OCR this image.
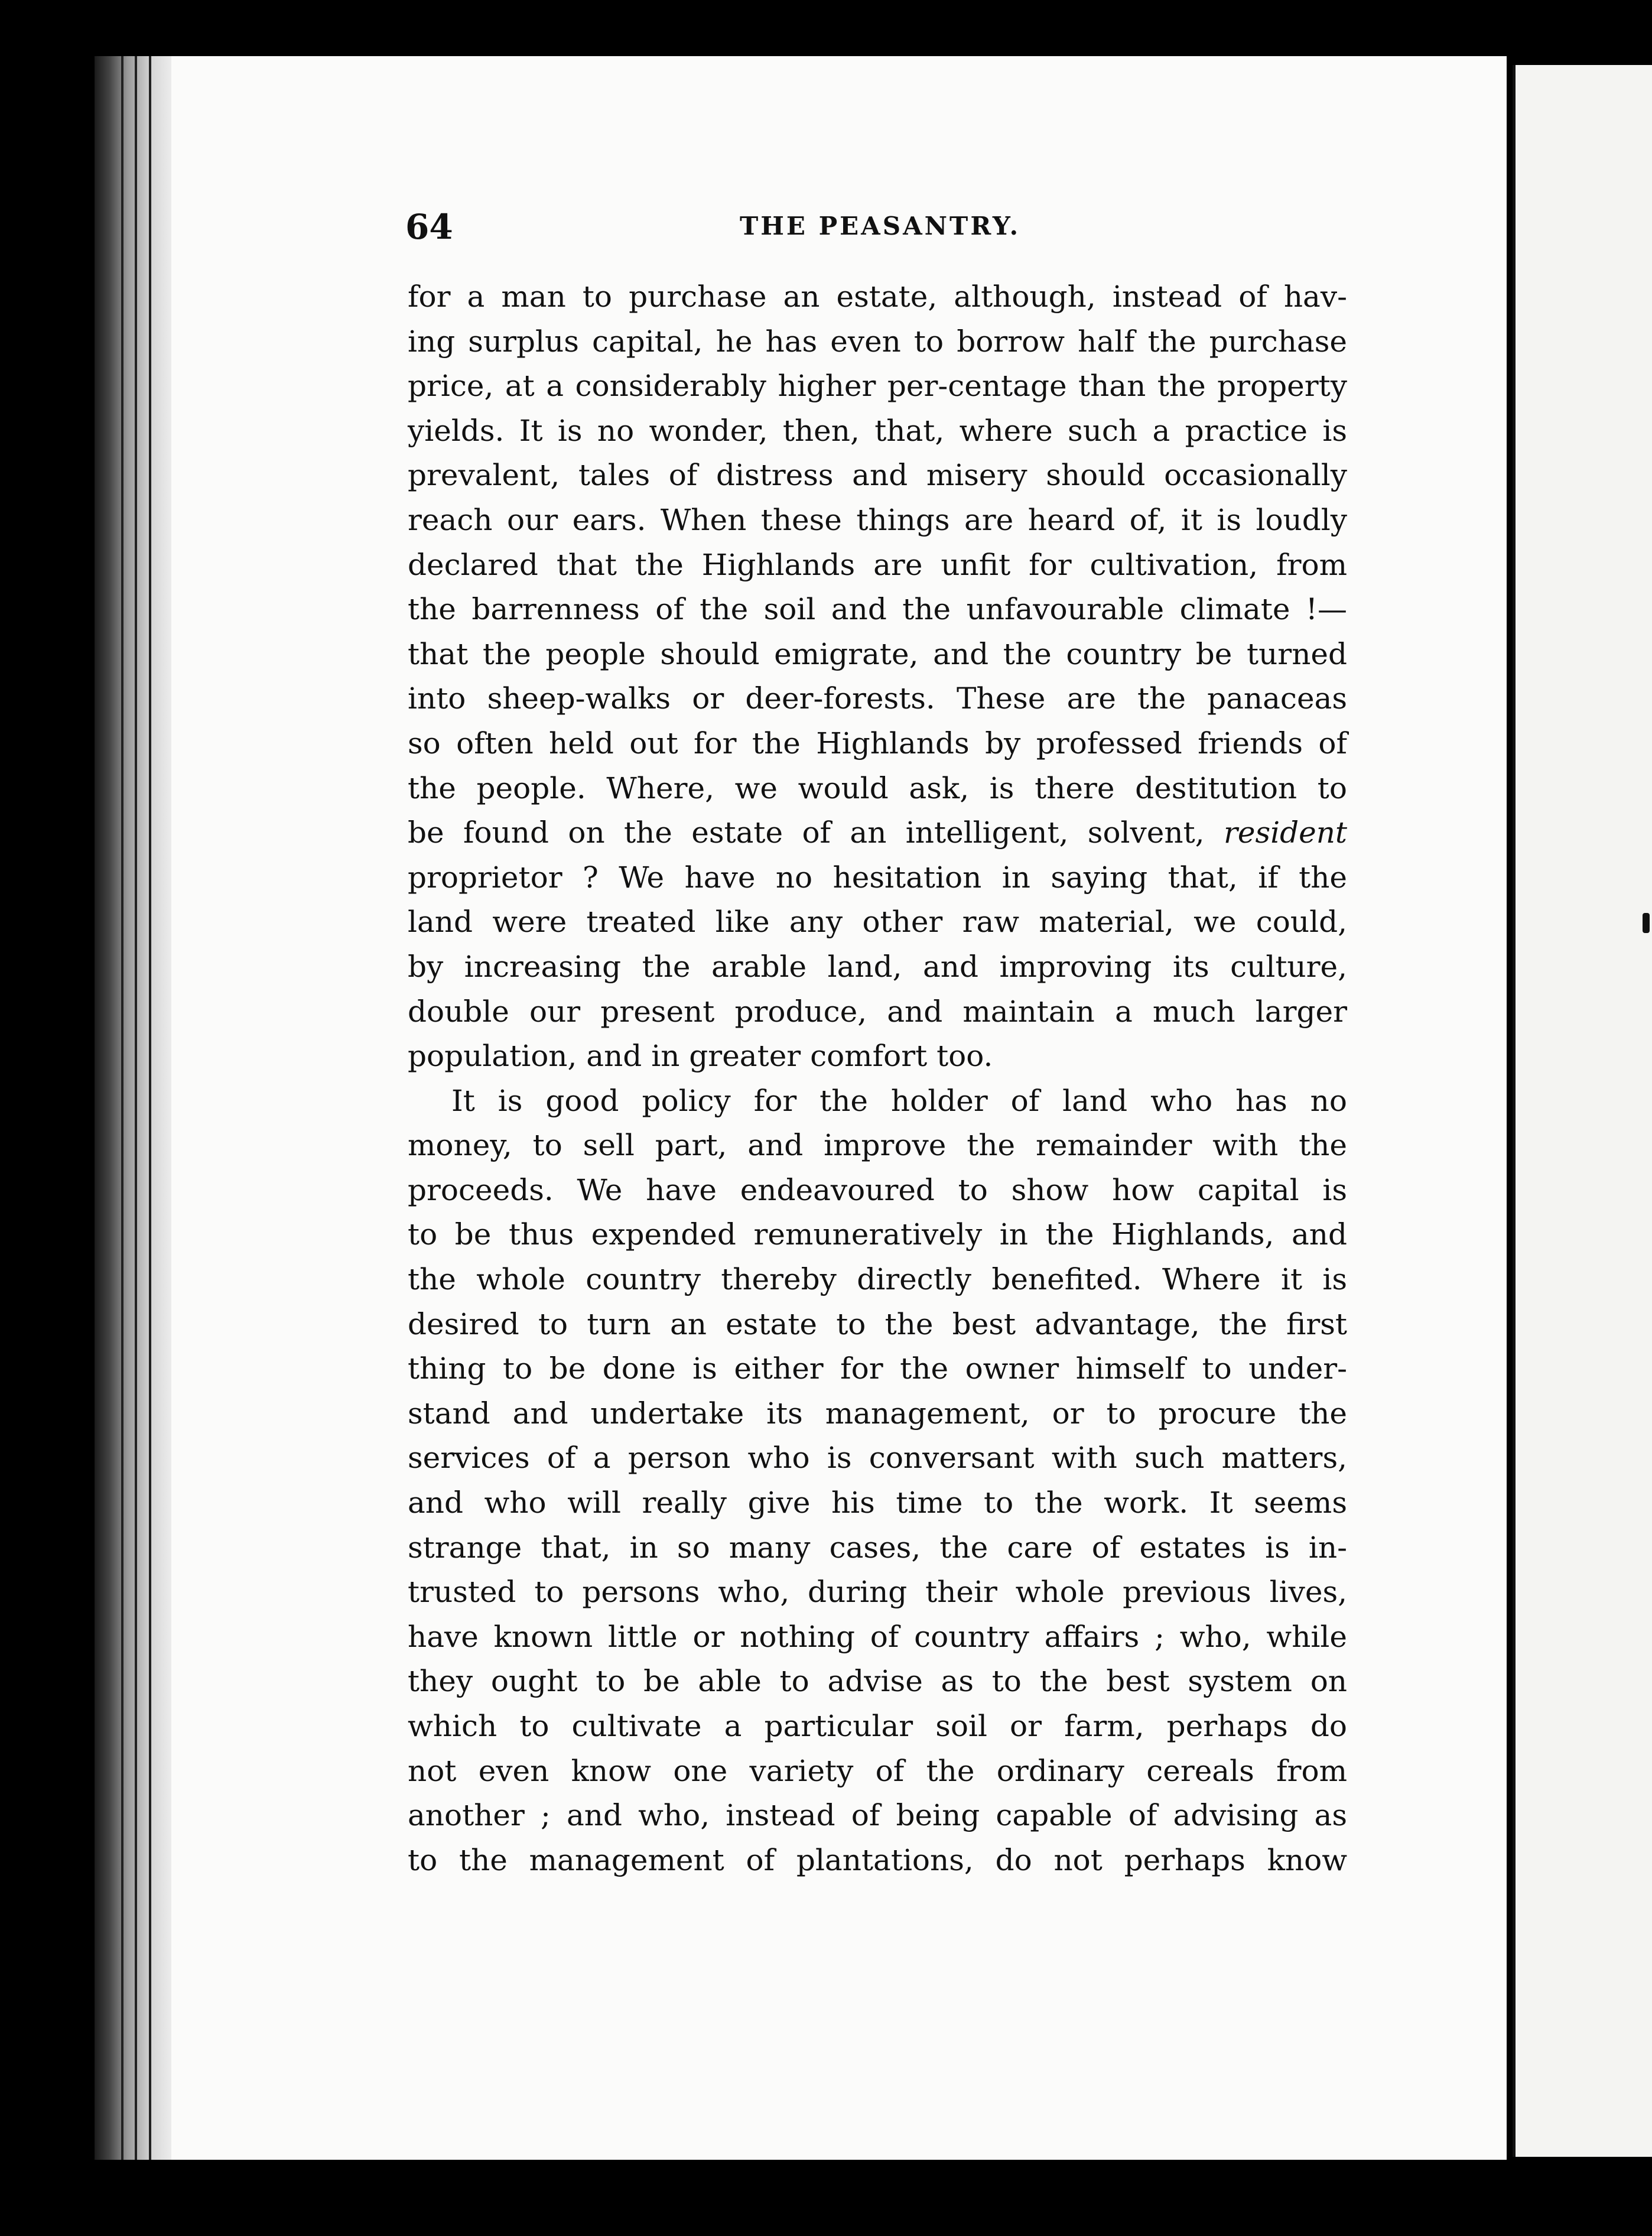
64	THE PEASANTRY.
for a man to purchase an estate, although, instead of hav-
ing surplus capital, he has even to borrow half the purchase
price, at a considerably higher per-centage than the property
yields. It is no wonder, then, that, where such a practice is
prevalent, tales of distress and misery should occasionally
reach our ears. When these things are heard of, it is loudly
declared that the Highlands are unfit for cultivation, from
the barrenness of the soil and the unfavourable climate !—
that the people should emigrate, and the country be turned
into sheep-walks or deer-forests. These are the panaceas
so often held out for the Highlands by professed friends of
the people. Where, we would ask, is there destitution to
be found on the estate of an intelligent, solvent, resident
proprietor ? We have no hesitation in saying that, if the
land were treated like any other raw material, we could,
by increasing the arable land, and improving its culture,
double our present produce, and maintain a much larger
population, and in greater comfort too.
It is good policy for the holder of land who has no
money, to sell part, and improve the remainder with the
proceeds. We have endeavoured to show how capital is
to be thus expended remuneratively in the Highlands, and
the whole country thereby directly benefited. Where it is
desired to turn an estate to the best advantage, the first
thing to be done is either for the owner himself to under-
stand and undertake its management, or to procure the
services of a person who is conversant with such matters,
and who will really give his time to the work. It seems
strange that, in so many cases, the care of estates is in-
trusted to persons who, during their whole previous lives,
have known little or nothing of country affairs ; who, while
they ought to be able to advise as to the best system on
which to cultivate a particular soil or farm, perhaps do
not even know one variety of the ordinary cereals from
another ; and who, instead of being capable of advising as
to the management of plantations, do not perhaps know
